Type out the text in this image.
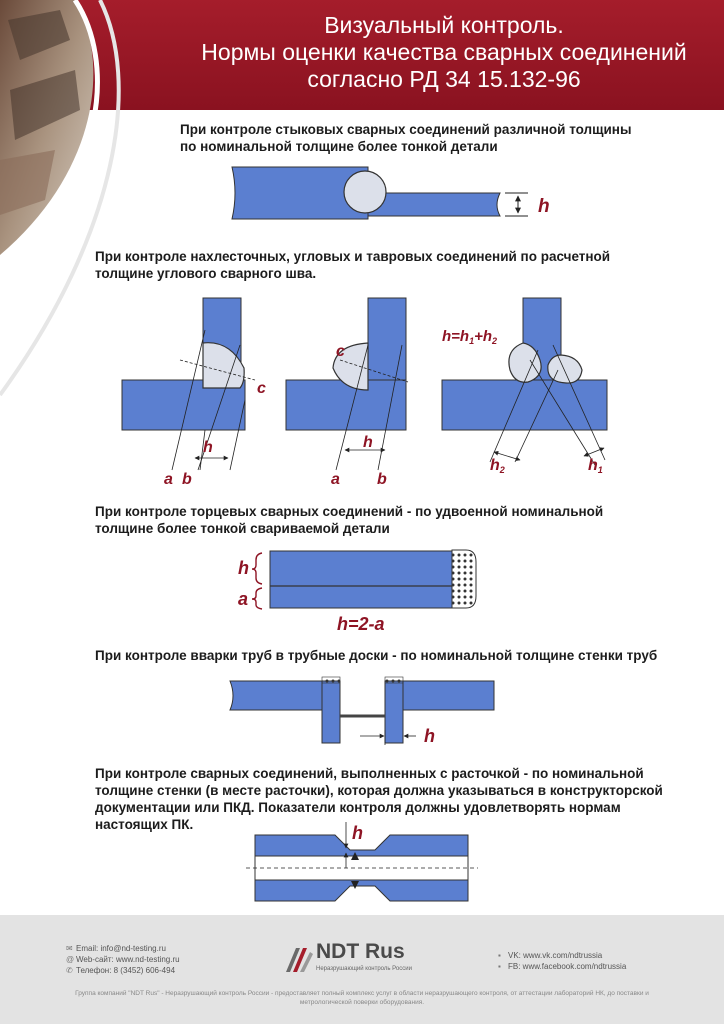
Визуальный контроль.
Нормы оценки качества сварных соединений
согласно РД 34 15.132-96
При контроле стыковых сварных соединений различной толщины
по номинальной толщине более тонкой детали
При контроле нахлесточных, угловых и тавровых соединений по расчетной
толщине углового сварного шва.
При контроле торцевых сварных соединений - по удвоенной номинальной
толщине более тонкой свариваемой детали
При контроле вварки труб в трубные доски - по номинальной толщине стенки труб
При контроле сварных соединений, выполненных с расточкой - по номинальной
толщине стенки (в месте расточки), которая должна указываться в конструкторской
документации или ПКД. Показатели контроля должны удовлетворять нормам
настоящих ПК.
h
h
a b
c
h
c
a b
$h=h_1+h_2$
h2	h1
h
a
h=2-a
h
h
✉ Email: info@nd-testing.ru
@ Web-сайт: www.nd-testing.ru
✆ Телефон: 8 (3452) 606-494
NDT Rus
Неразрушающий контроль России
▪ VK: www.vk.com/ndtrussia
▪ FB: www.facebook.com/ndtrussia
Группа компаний "NDT Rus" - Неразрушающий контроль России - предоставляет полный комплекс услуг в области неразрушающего контроля, от аттестации лабораторий НК, до поставки и
метрологической поверки оборудования.
